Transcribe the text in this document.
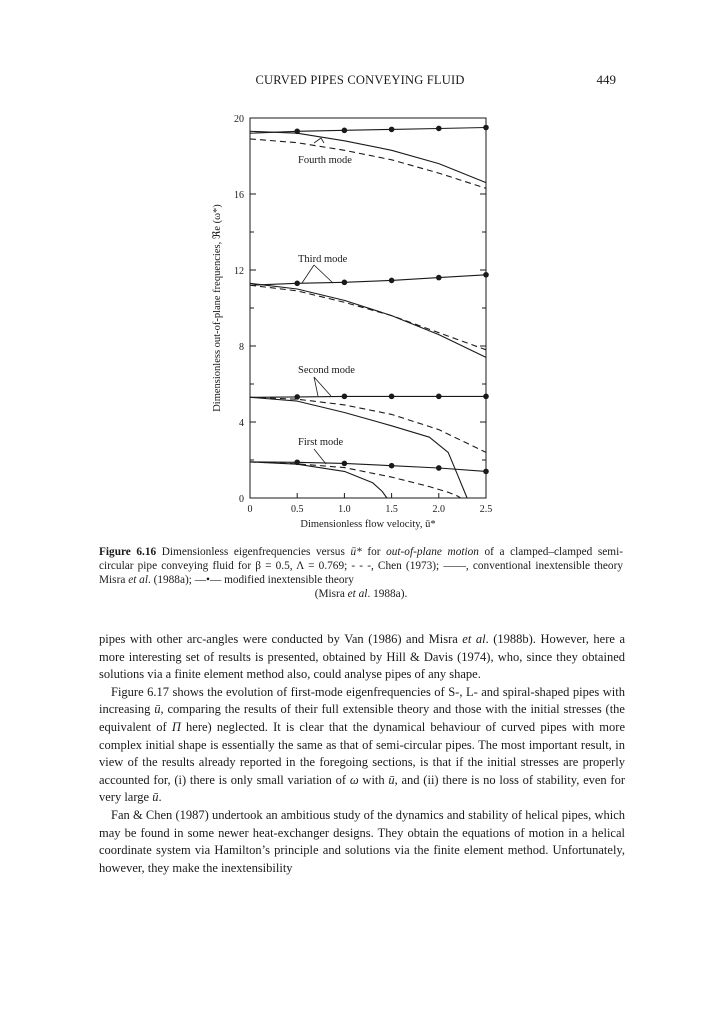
CURVED PIPES CONVEYING FLUID	449
0	0.5	1.0	1.5	2.0	2.5
0
4
8
12
16
20
Fourth mode
Third mode
Second mode
First mode
Dimensionless flow velocity, ū*
Dimensionless out-of-plane frequencies, ℜe (ω*)
Figure 6.16 Dimensionless eigenfrequencies versus ū* for out-of-plane motion of a clamped–clamped semi-circular pipe conveying fluid for β = 0.5, Λ = 0.769; - - -, Chen (1973); ——, conventional inextensible theory Misra et al. (1988a); —•— modified inextensible theory
(Misra et al. 1988a).

pipes with other arc-angles were conducted by Van (1986) and Misra et al. (1988b). However, here a more interesting set of results is presented, obtained by Hill & Davis (1974), who, since they obtained solutions via a finite element method also, could analyse pipes of any shape.

Figure 6.17 shows the evolution of first-mode eigenfrequencies of S-, L- and spiral-shaped pipes with increasing ū, comparing the results of their full extensible theory and those with the initial stresses (the equivalent of Π here) neglected. It is clear that the dynamical behaviour of curved pipes with more complex initial shape is essentially the same as that of semi-circular pipes. The most important result, in view of the results already reported in the foregoing sections, is that if the initial stresses are properly accounted for, (i) there is only small variation of ω with ū, and (ii) there is no loss of stability, even for very large ū.

Fan & Chen (1987) undertook an ambitious study of the dynamics and stability of helical pipes, which may be found in some newer heat-exchanger designs. They obtain the equations of motion in a helical coordinate system via Hamilton’s principle and solutions via the finite element method. Unfortunately, however, they make the inextensibility
